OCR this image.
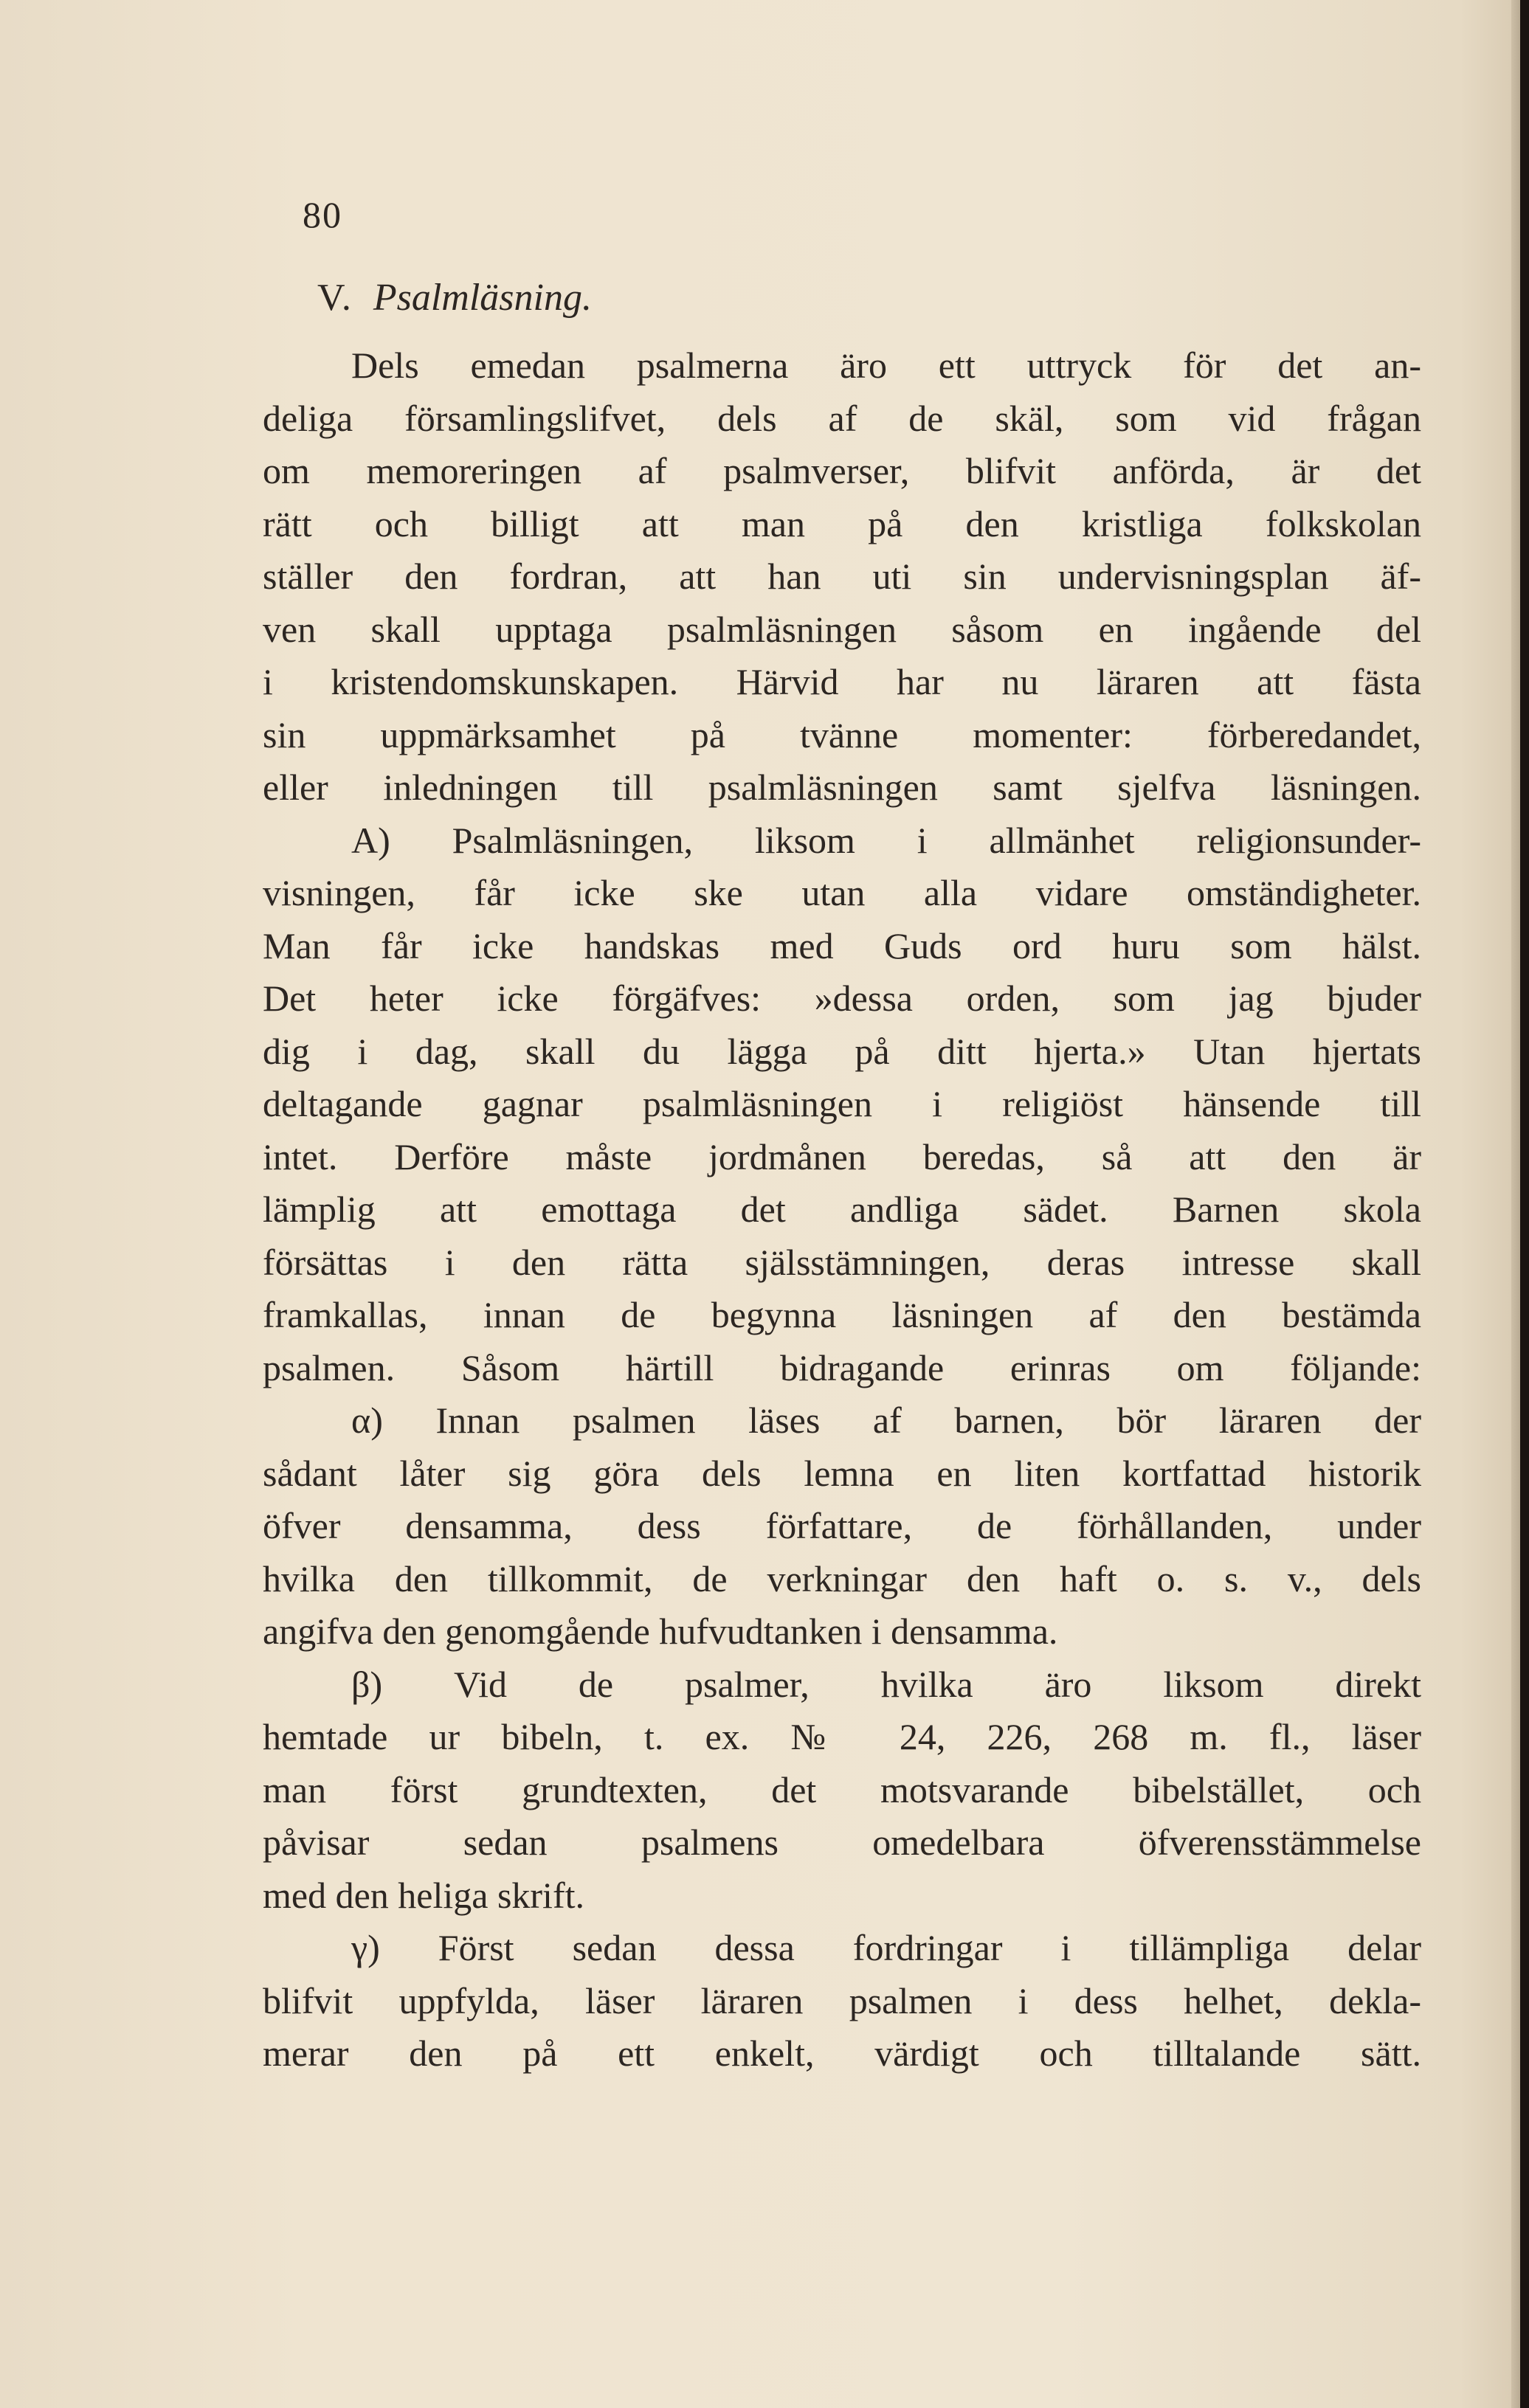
80
V. Psalmläsning.
Dels emedan psalmerna äro ett uttryck för det an-
deliga församlingslifvet, dels af de skäl, som vid frågan
om memoreringen af psalmverser, blifvit anförda, är det
rätt och billigt att man på den kristliga folkskolan
ställer den fordran, att han uti sin undervisningsplan äf-
ven skall upptaga psalmläsningen såsom en ingående del
i kristendomskunskapen. Härvid har nu läraren att fästa
sin uppmärksamhet på tvänne momenter: förberedandet,
eller inledningen till psalmläsningen samt sjelfva läsningen.
A) Psalmläsningen, liksom i allmänhet religionsunder-
visningen, får icke ske utan alla vidare omständigheter.
Man får icke handskas med Guds ord huru som hälst.
Det heter icke förgäfves: »dessa orden, som jag bjuder
dig i dag, skall du lägga på ditt hjerta.» Utan hjertats
deltagande gagnar psalmläsningen i religiöst hänsende till
intet. Derföre måste jordmånen beredas, så att den är
lämplig att emottaga det andliga sädet. Barnen skola
försättas i den rätta själsstämningen, deras intresse skall
framkallas, innan de begynna läsningen af den bestämda
psalmen. Såsom härtill bidragande erinras om följande:
α) Innan psalmen läses af barnen, bör läraren der
sådant låter sig göra dels lemna en liten kortfattad historik
öfver densamma, dess författare, de förhållanden, under
hvilka den tillkommit, de verkningar den haft o. s. v., dels
angifva den genomgående hufvudtanken i densamma.
β) Vid de psalmer, hvilka äro liksom direkt
hemtade ur bibeln, t. ex. № 24, 226, 268 m. fl., läser
man först grundtexten, det motsvarande bibelstället, och
påvisar sedan psalmens omedelbara öfverensstämmelse
med den heliga skrift.
γ) Först sedan dessa fordringar i tillämpliga delar
blifvit uppfylda, läser läraren psalmen i dess helhet, dekla-
merar den på ett enkelt, värdigt och tilltalande sätt.
